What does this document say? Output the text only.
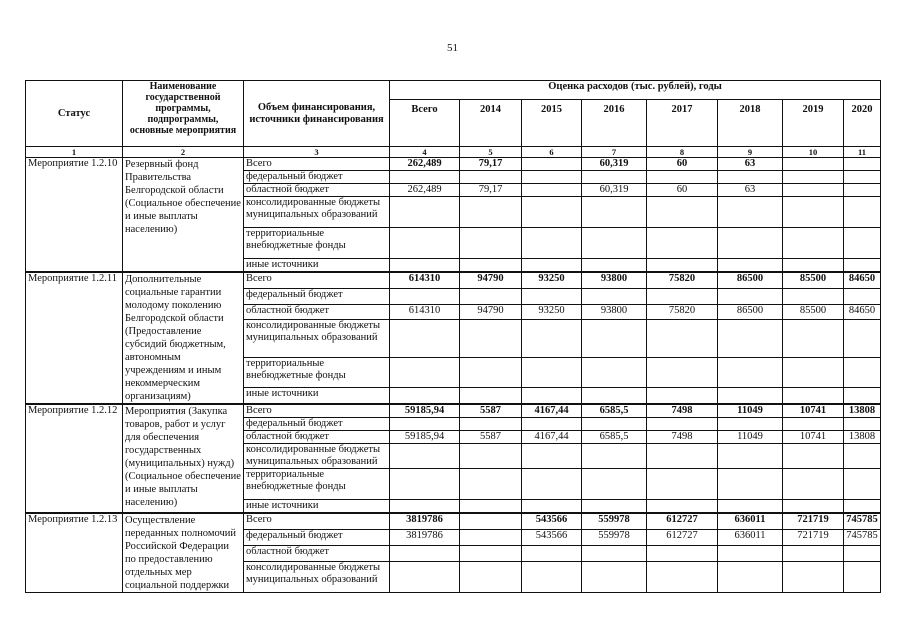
51
Статус	Наименование государственной программы, подпрограммы, основные мероприятия	Объем финансирования, источники финансирования	Оценка расходов (тыс. рублей), годы							
			Всего	2014	2015	2016	2017	2018	2019	2020
1	2	3	4	5	6	7	8	9	10	11
Мероприятие 1.2.10	Резервный фонд Правительства Белгородской области (Социальное обеспечение и иные выплаты населению)	Всего	262,489	79,17		60,319	60	63		
		федеральный бюджет								
		областной бюджет	262,489	79,17		60,319	60	63		
		консолидированные бюджеты муниципальных образований								
		территориальные внебюджетные фонды								
		иные источники								
Мероприятие 1.2.11	Дополнительные социальные гарантии молодому поколению Белгородской области (Предоставление субсидий бюджетным, автономным учреждениям и иным некоммерческим организациям)	Всего	614310	94790	93250	93800	75820	86500	85500	84650
		федеральный бюджет								
		областной бюджет	614310	94790	93250	93800	75820	86500	85500	84650
		консолидированные бюджеты муниципальных образований								
		территориальные внебюджетные фонды								
		иные источники								
Мероприятие 1.2.12	Мероприятия (Закупка товаров, работ и услуг для обеспечения государственных (муниципальных) нужд) (Социальное обеспечение и иные выплаты населению)	Всего	59185,94	5587	4167,44	6585,5	7498	11049	10741	13808
		федеральный бюджет								
		областной бюджет	59185,94	5587	4167,44	6585,5	7498	11049	10741	13808
		консолидированные бюджеты муниципальных образований								
		территориальные внебюджетные фонды								
		иные источники								
Мероприятие 1.2.13	Осуществление переданных полномочий Российской Федерации по предоставлению отдельных мер социальной поддержки	Всего	3819786		543566	559978	612727	636011	721719	745785
		федеральный бюджет	3819786		543566	559978	612727	636011	721719	745785
		областной бюджет								
		консолидированные бюджеты муниципальных образований								
